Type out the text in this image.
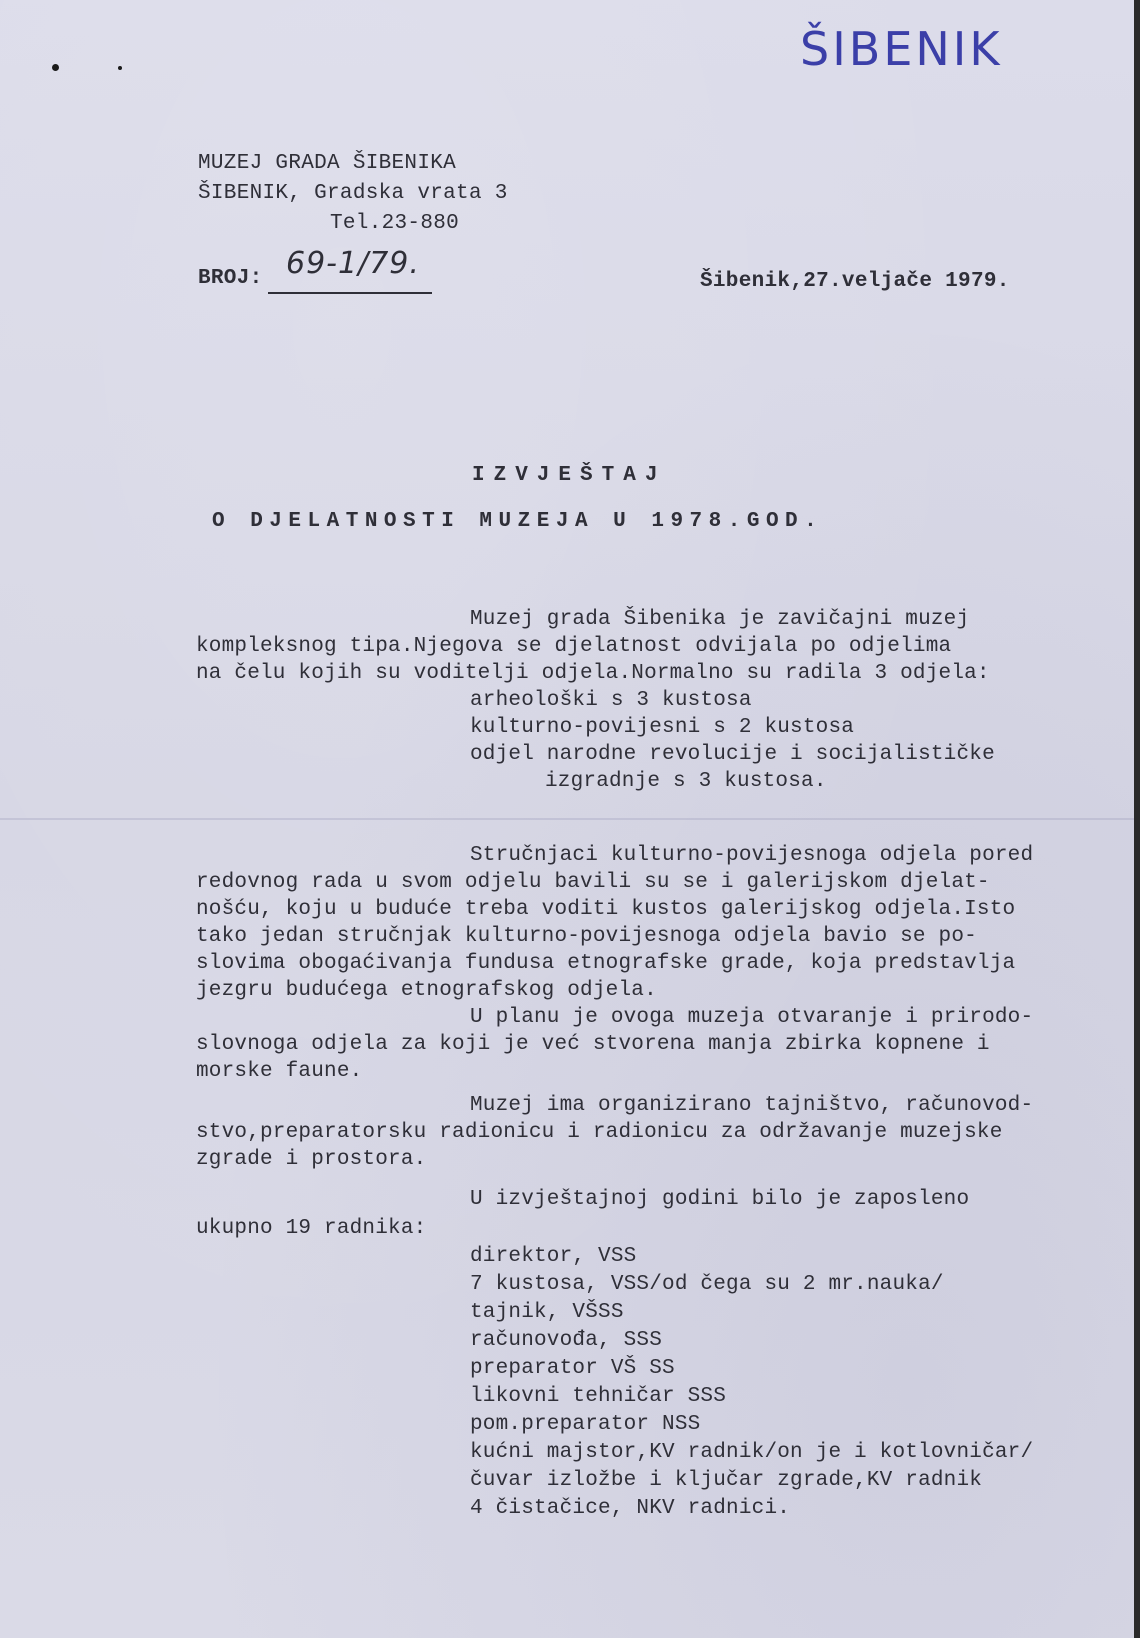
ŠIBENIK
MUZEJ GRADA ŠIBENIKA
ŠIBENIK, Gradska vrata 3
Tel.23-880
BROJ: 69-1/79.
Šibenik,27.veljače 1979.
IZVJEŠTAJ
O DJELATNOSTI MUZEJA U 1978.GOD.
Muzej grada Šibenika je zavičajni muzej
kompleksnog tipa.Njegova se djelatnost odvijala po odjelima
na čelu kojih su voditelji odjela.Normalno su radila 3 odjela:
arheološki s 3 kustosa
kulturno-povijesni s 2 kustosa
odjel narodne revolucije i socijalističke
izgradnje s 3 kustosa.
Stručnjaci kulturno-povijesnoga odjela pored
redovnog rada u svom odjelu bavili su se i galerijskom djelat-
nošću, koju u buduće treba voditi kustos galerijskog odjela.Isto
tako jedan stručnjak kulturno-povijesnoga odjela bavio se po-
slovima obogaćivanja fundusa etnografske grade, koja predstavlja
jezgru budućega etnografskog odjela.
U planu je ovoga muzeja otvaranje i prirodo-
slovnoga odjela za koji je već stvorena manja zbirka kopnene i
morske faune.
Muzej ima organizirano tajništvo, računovod-
stvo,preparatorsku radionicu i radionicu za održavanje muzejske
zgrade i prostora.
U izvještajnoj godini bilo je zaposleno
ukupno 19 radnika:
direktor, VSS
7 kustosa, VSS/od čega su 2 mr.nauka/
tajnik, VŠSS
računovođa, SSS
preparator VŠ SS
likovni tehničar SSS
pom.preparator NSS
kućni majstor,KV radnik/on je i kotlovničar/
čuvar izložbe i ključar zgrade,KV radnik
4 čistačice, NKV radnici.
